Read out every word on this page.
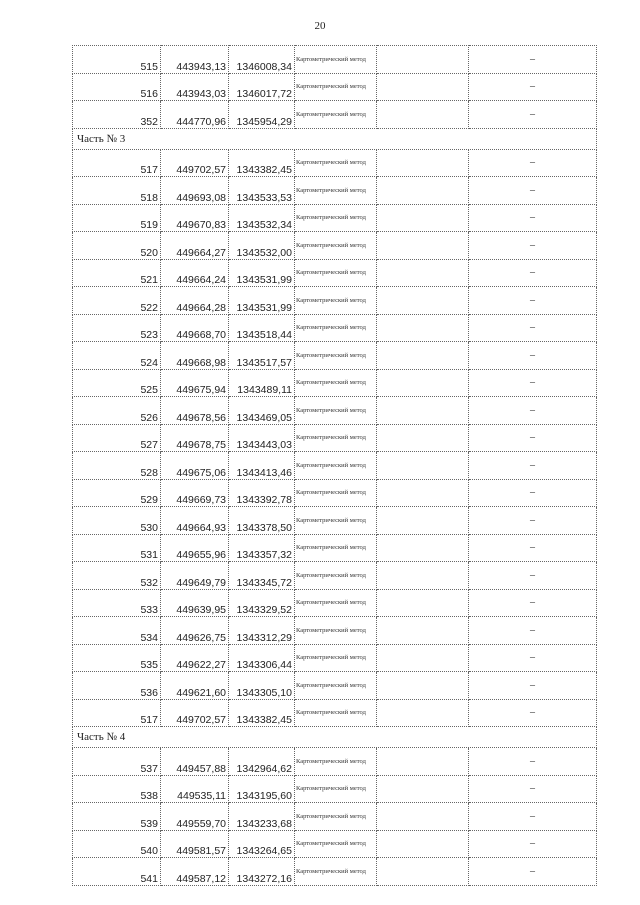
20
515	443943,13	1346008,34	Картометрический метод		–
516	443943,03	1346017,72	Картометрический метод		–
352	444770,96	1345954,29	Картометрический метод		–
Часть № 3					
517	449702,57	1343382,45	Картометрический метод		–
518	449693,08	1343533,53	Картометрический метод		–
519	449670,83	1343532,34	Картометрический метод		–
520	449664,27	1343532,00	Картометрический метод		–
521	449664,24	1343531,99	Картометрический метод		–
522	449664,28	1343531,99	Картометрический метод		–
523	449668,70	1343518,44	Картометрический метод		–
524	449668,98	1343517,57	Картометрический метод		–
525	449675,94	1343489,11	Картометрический метод		–
526	449678,56	1343469,05	Картометрический метод		–
527	449678,75	1343443,03	Картометрический метод		–
528	449675,06	1343413,46	Картометрический метод		–
529	449669,73	1343392,78	Картометрический метод		–
530	449664,93	1343378,50	Картометрический метод		–
531	449655,96	1343357,32	Картометрический метод		–
532	449649,79	1343345,72	Картометрический метод		–
533	449639,95	1343329,52	Картометрический метод		–
534	449626,75	1343312,29	Картометрический метод		–
535	449622,27	1343306,44	Картометрический метод		–
536	449621,60	1343305,10	Картометрический метод		–
517	449702,57	1343382,45	Картометрический метод		–
Часть № 4					
537	449457,88	1342964,62	Картометрический метод		–
538	449535,11	1343195,60	Картометрический метод		–
539	449559,70	1343233,68	Картометрический метод		–
540	449581,57	1343264,65	Картометрический метод		–
541	449587,12	1343272,16	Картометрический метод		–
